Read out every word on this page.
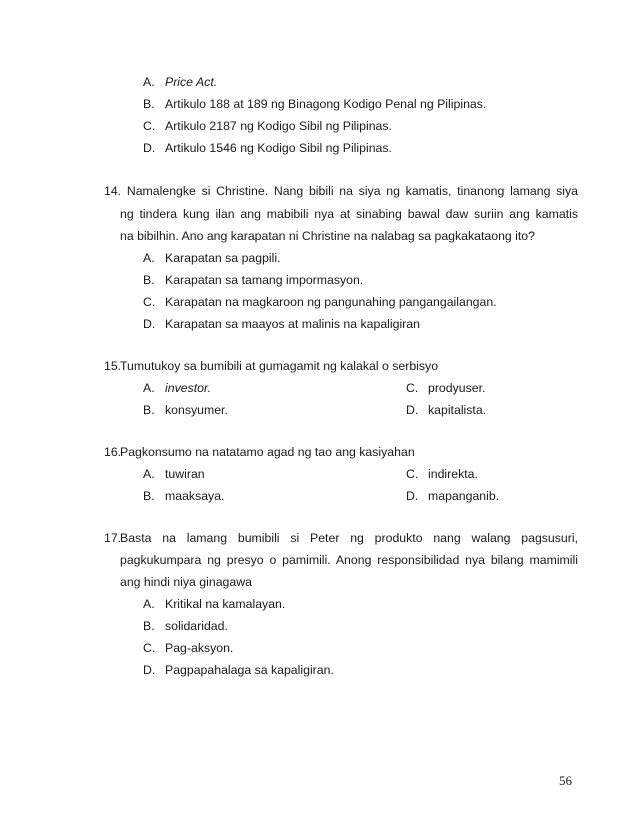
A. Price Act.
B. Artikulo 188 at 189 ng Binagong Kodigo Penal ng Pilipinas.
C. Artikulo 2187 ng Kodigo Sibil ng Pilipinas.
D. Artikulo 1546 ng Kodigo Sibil ng Pilipinas.
14. Namalengke si Christine. Nang bibili na siya ng kamatis, tinanong lamang siya
ng tindera kung ilan ang mabibili nya at sinabing bawal daw suriin ang kamatis
na bibilhin. Ano ang karapatan ni Christine na nalabag sa pagkakataong ito?
A. Karapatan sa pagpili.
B. Karapatan sa tamang impormasyon.
C. Karapatan na magkaroon ng pangunahing pangangailangan.
D. Karapatan sa maayos at malinis na kapaligiran
15.
Tumutukoy sa bumibili at gumagamit ng kalakal o serbisyo
A. investor.
B. konsyumer.
C. prodyuser.
D. kapitalista.
16.
Pagkonsumo na natatamo agad ng tao ang kasiyahan
A. tuwiran
B. maaksaya.
C. indirekta.
D. mapanganib.
17.
Basta na lamang bumibili si Peter ng produkto nang walang pagsusuri,
pagkukumpara ng presyo o pamimili. Anong responsibilidad nya bilang mamimili
ang hindi niya ginagawa
A. Kritikal na kamalayan.
B. solidaridad.
C. Pag-aksyon.
D. Pagpapahalaga sa kapaligiran.
56
